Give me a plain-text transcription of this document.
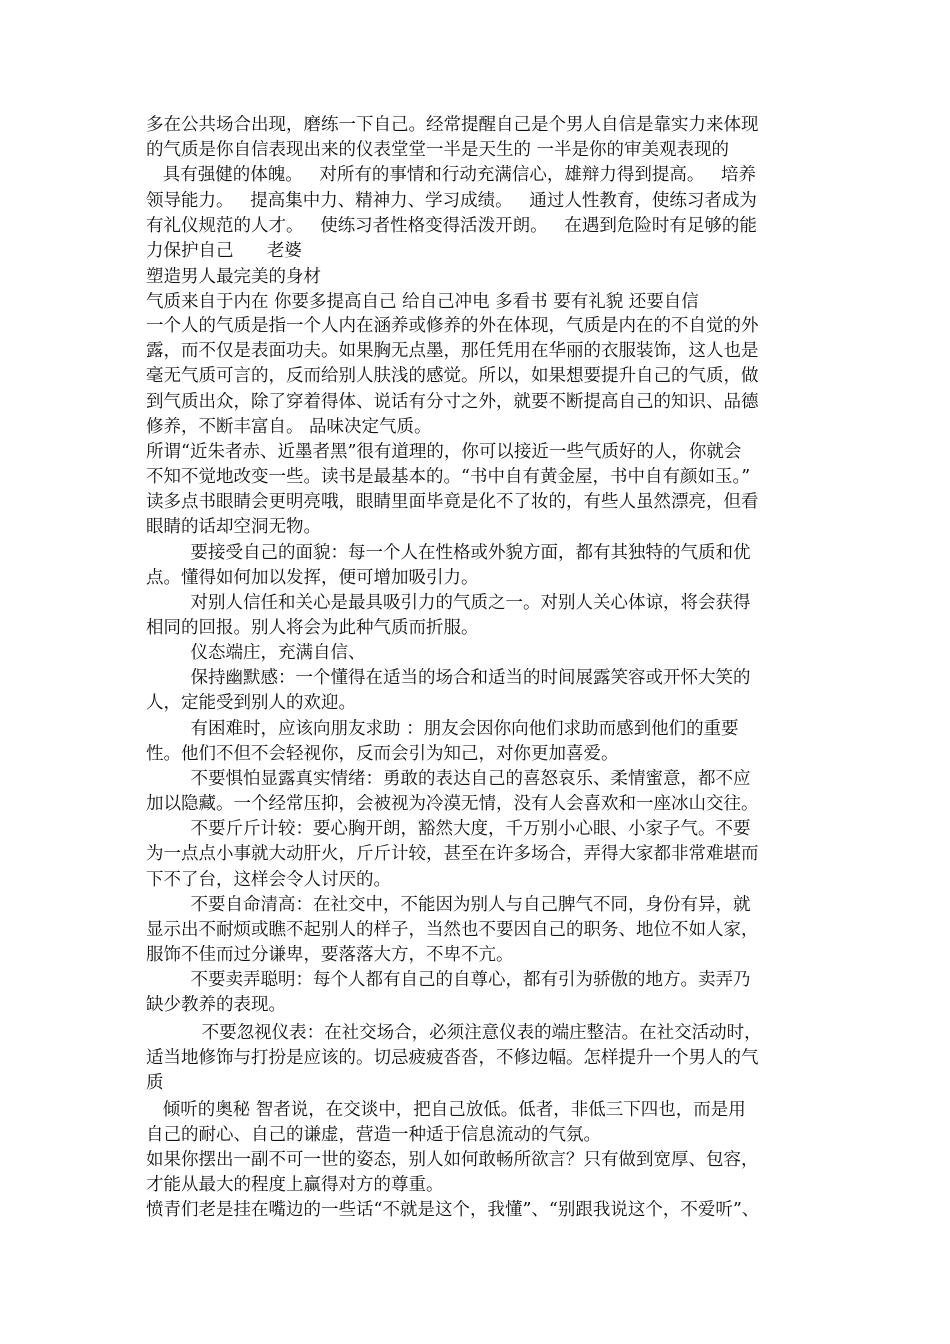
多在公共场合出现，磨练一下自己。经常提醒自己是个男人自信是靠实力来体现
的气质是你自信表现出来的仪表堂堂一半是天生的 一半是你的审美观表现的
具有强健的体魄。   对所有的事情和行动充满信心，雄辩力得到提高。   培养
领导能力。   提高集中力、精神力、学习成绩。   通过人性教育，使练习者成为
有礼仪规范的人才。   使练习者性格变得活泼开朗。   在遇到危险时有足够的能
力保护自己      老婆
塑造男人最完美的身材
气质来自于内在 你要多提高自己 给自己冲电 多看书 要有礼貌 还要自信
一个人的气质是指一个人内在涵养或修养的外在体现，气质是内在的不自觉的外
露，而不仅是表面功夫。如果胸无点墨，那任凭用在华丽的衣服装饰，这人也是
毫无气质可言的，反而给别人肤浅的感觉。所以，如果想要提升自己的气质，做
到气质出众，除了穿着得体、说话有分寸之外，就要不断提高自己的知识、品德
修养，不断丰富自。 品味决定气质。
所谓“近朱者赤、近墨者黑”很有道理的，你可以接近一些气质好的人，你就会
不知不觉地改变一些。读书是最基本的。“书中自有黄金屋，书中自有颜如玉。”
读多点书眼睛会更明亮哦，眼睛里面毕竟是化不了妆的，有些人虽然漂亮，但看
眼睛的话却空洞无物。
要接受自己的面貌：每一个人在性格或外貌方面，都有其独特的气质和优
点。懂得如何加以发挥，便可增加吸引力。
对别人信任和关心是最具吸引力的气质之一。对别人关心体谅，将会获得
相同的回报。别人将会为此种气质而折服。
仪态端庄，充满自信、
保持幽默感：一个懂得在适当的场合和适当的时间展露笑容或开怀大笑的
人，定能受到别人的欢迎。
有困难时，应该向朋友求助 ：朋友会因你向他们求助而感到他们的重要
性。他们不但不会轻视你，反而会引为知己，对你更加喜爱。
不要惧怕显露真实情绪：勇敢的表达自己的喜怒哀乐、柔情蜜意，都不应
加以隐藏。一个经常压抑，会被视为冷漠无情，没有人会喜欢和一座冰山交往。
不要斤斤计较：要心胸开朗，豁然大度，千万别小心眼、小家子气。不要
为一点点小事就大动肝火，斤斤计较，甚至在许多场合，弄得大家都非常难堪而
下不了台，这样会令人讨厌的。
不要自命清高：在社交中，不能因为别人与自己脾气不同，身份有异，就
显示出不耐烦或瞧不起别人的样子，当然也不要因自己的职务、地位不如人家，
服饰不佳而过分谦卑，要落落大方，不卑不亢。
不要卖弄聪明：每个人都有自己的自尊心，都有引为骄傲的地方。卖弄乃
缺少教养的表现。
不要忽视仪表：在社交场合，必须注意仪表的端庄整洁。在社交活动时，
适当地修饰与打扮是应该的。切忌疲疲沓沓，不修边幅。怎样提升一个男人的气
质
倾听的奥秘 智者说，在交谈中，把自己放低。低者，非低三下四也，而是用
自己的耐心、自己的谦虚，营造一种适于信息流动的气氛。
如果你摆出一副不可一世的姿态，别人如何敢畅所欲言？只有做到宽厚、包容，
才能从最大的程度上赢得对方的尊重。
愤青们老是挂在嘴边的一些话“不就是这个，我懂”、“别跟我说这个，不爱听”、
